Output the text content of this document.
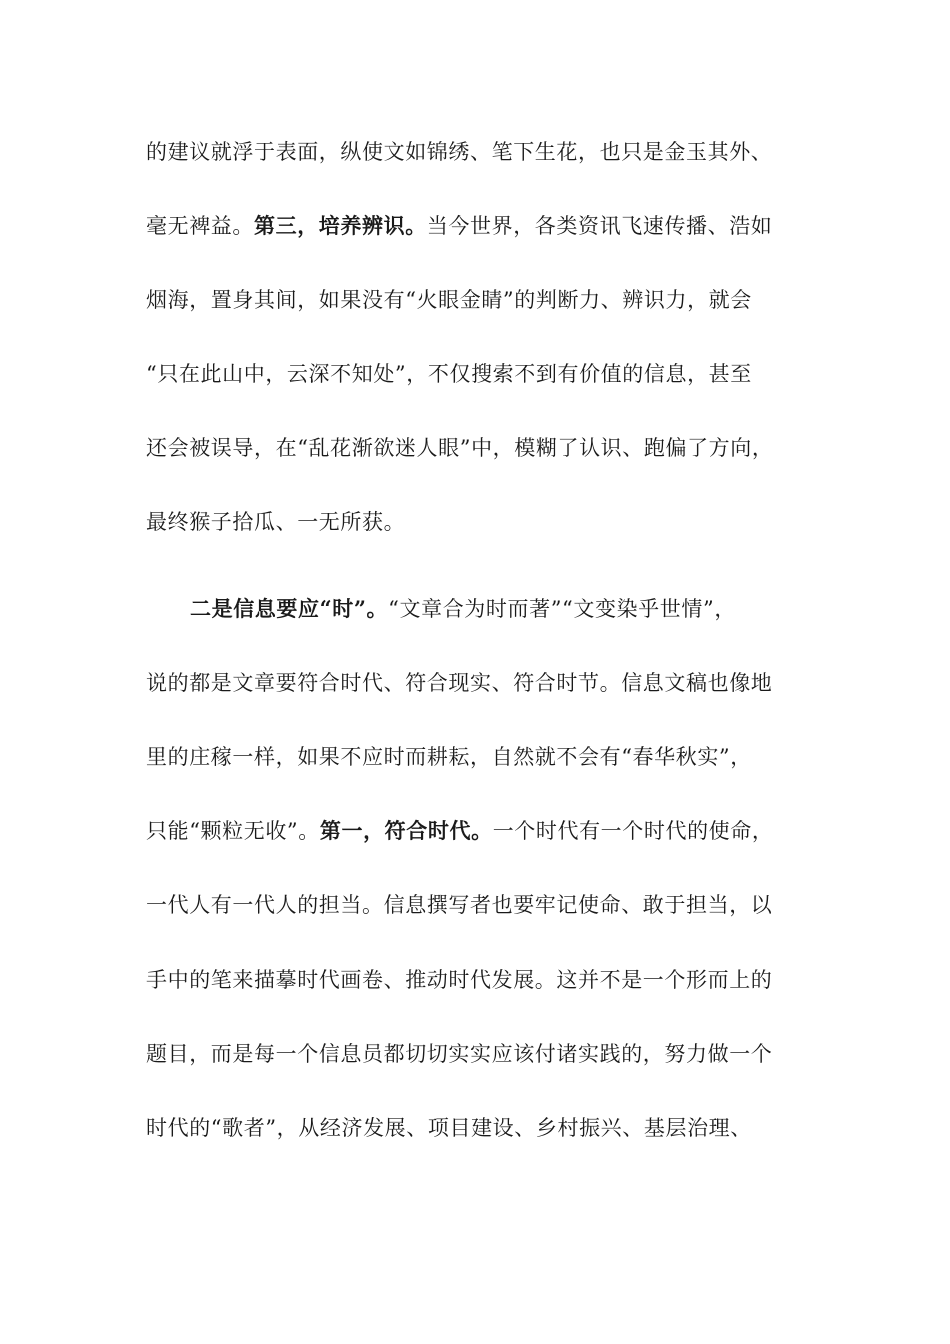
的建议就浮于表面，纵使文如锦绣、笔下生花，也只是金玉其外、
毫无裨益。第三，培养辨识。当今世界，各类资讯飞速传播、浩如
烟海，置身其间，如果没有“火眼金睛”的判断力、辨识力，就会
“只在此山中，云深不知处”，不仅搜索不到有价值的信息，甚至
还会被误导，在“乱花渐欲迷人眼”中，模糊了认识、跑偏了方向，
最终猴子拾瓜、一无所获。
二是信息要应“时”。“文章合为时而著”“文变染乎世情”，
说的都是文章要符合时代、符合现实、符合时节。信息文稿也像地
里的庄稼一样，如果不应时而耕耘，自然就不会有“春华秋实”，
只能“颗粒无收”。第一，符合时代。一个时代有一个时代的使命，
一代人有一代人的担当。信息撰写者也要牢记使命、敢于担当，以
手中的笔来描摹时代画卷、推动时代发展。这并不是一个形而上的
题目，而是每一个信息员都切切实实应该付诸实践的，努力做一个
时代的“歌者”，从经济发展、项目建设、乡村振兴、基层治理、
